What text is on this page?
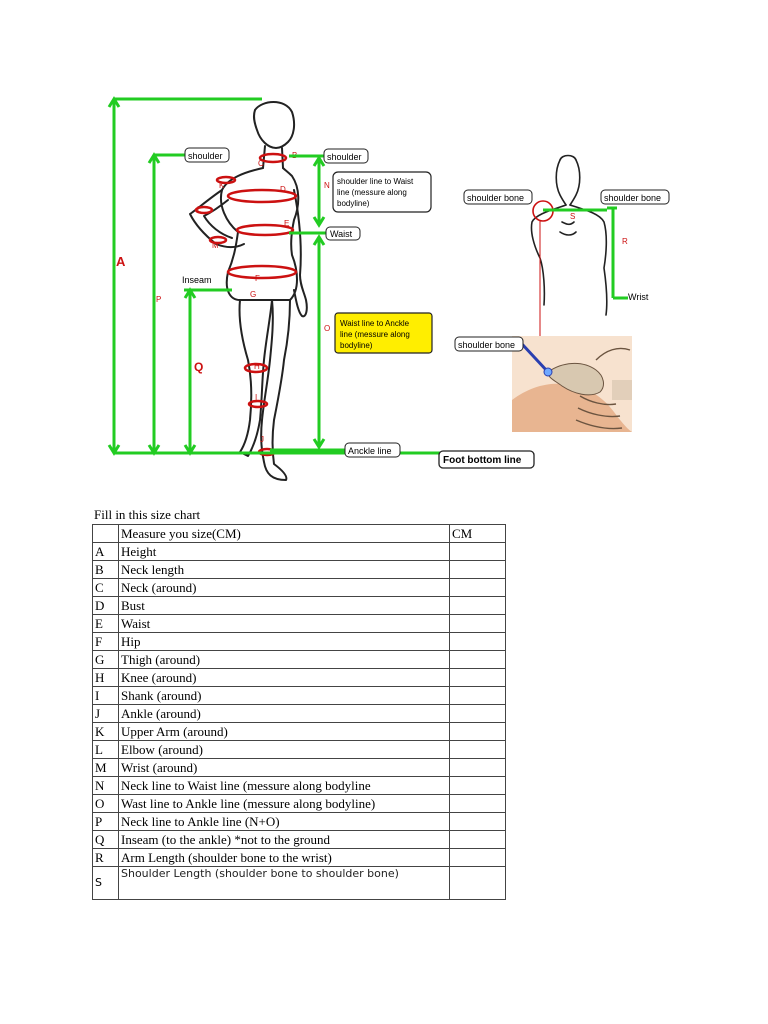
B
C
D
E
F
G
H
I
J
K
L
M
A
P
Q
N
O
shoulder	shoulder
shoulder line to Waist
line (messure along
bodyline)
Waist
Inseam
Waist line to Anckle
line (messure along
bodyline)
Anckle line
Foot bottom line
S
R
shoulder bone	shoulder bone
Wrist
shoulder bone
Fill in this size chart
	Measure you size(CM)	CM
A	Height	
B	Neck length	
C	Neck (around)	
D	Bust	
E	Waist	
F	Hip	
G	Thigh (around)	
H	Knee (around)	
I	Shank (around)	
J	Ankle (around)	
K	Upper Arm (around)	
L	Elbow (around)	
M	Wrist (around)	
N	Neck line to Waist line (messure along bodyline	
O	Wast line to Ankle line (messure along bodyline)	
P	Neck line to Ankle line (N+O)	
Q	Inseam (to the ankle) *not to the ground	
R	Arm Length (shoulder bone to the wrist)	
S	Shoulder Length (shoulder bone to shoulder bone)	
